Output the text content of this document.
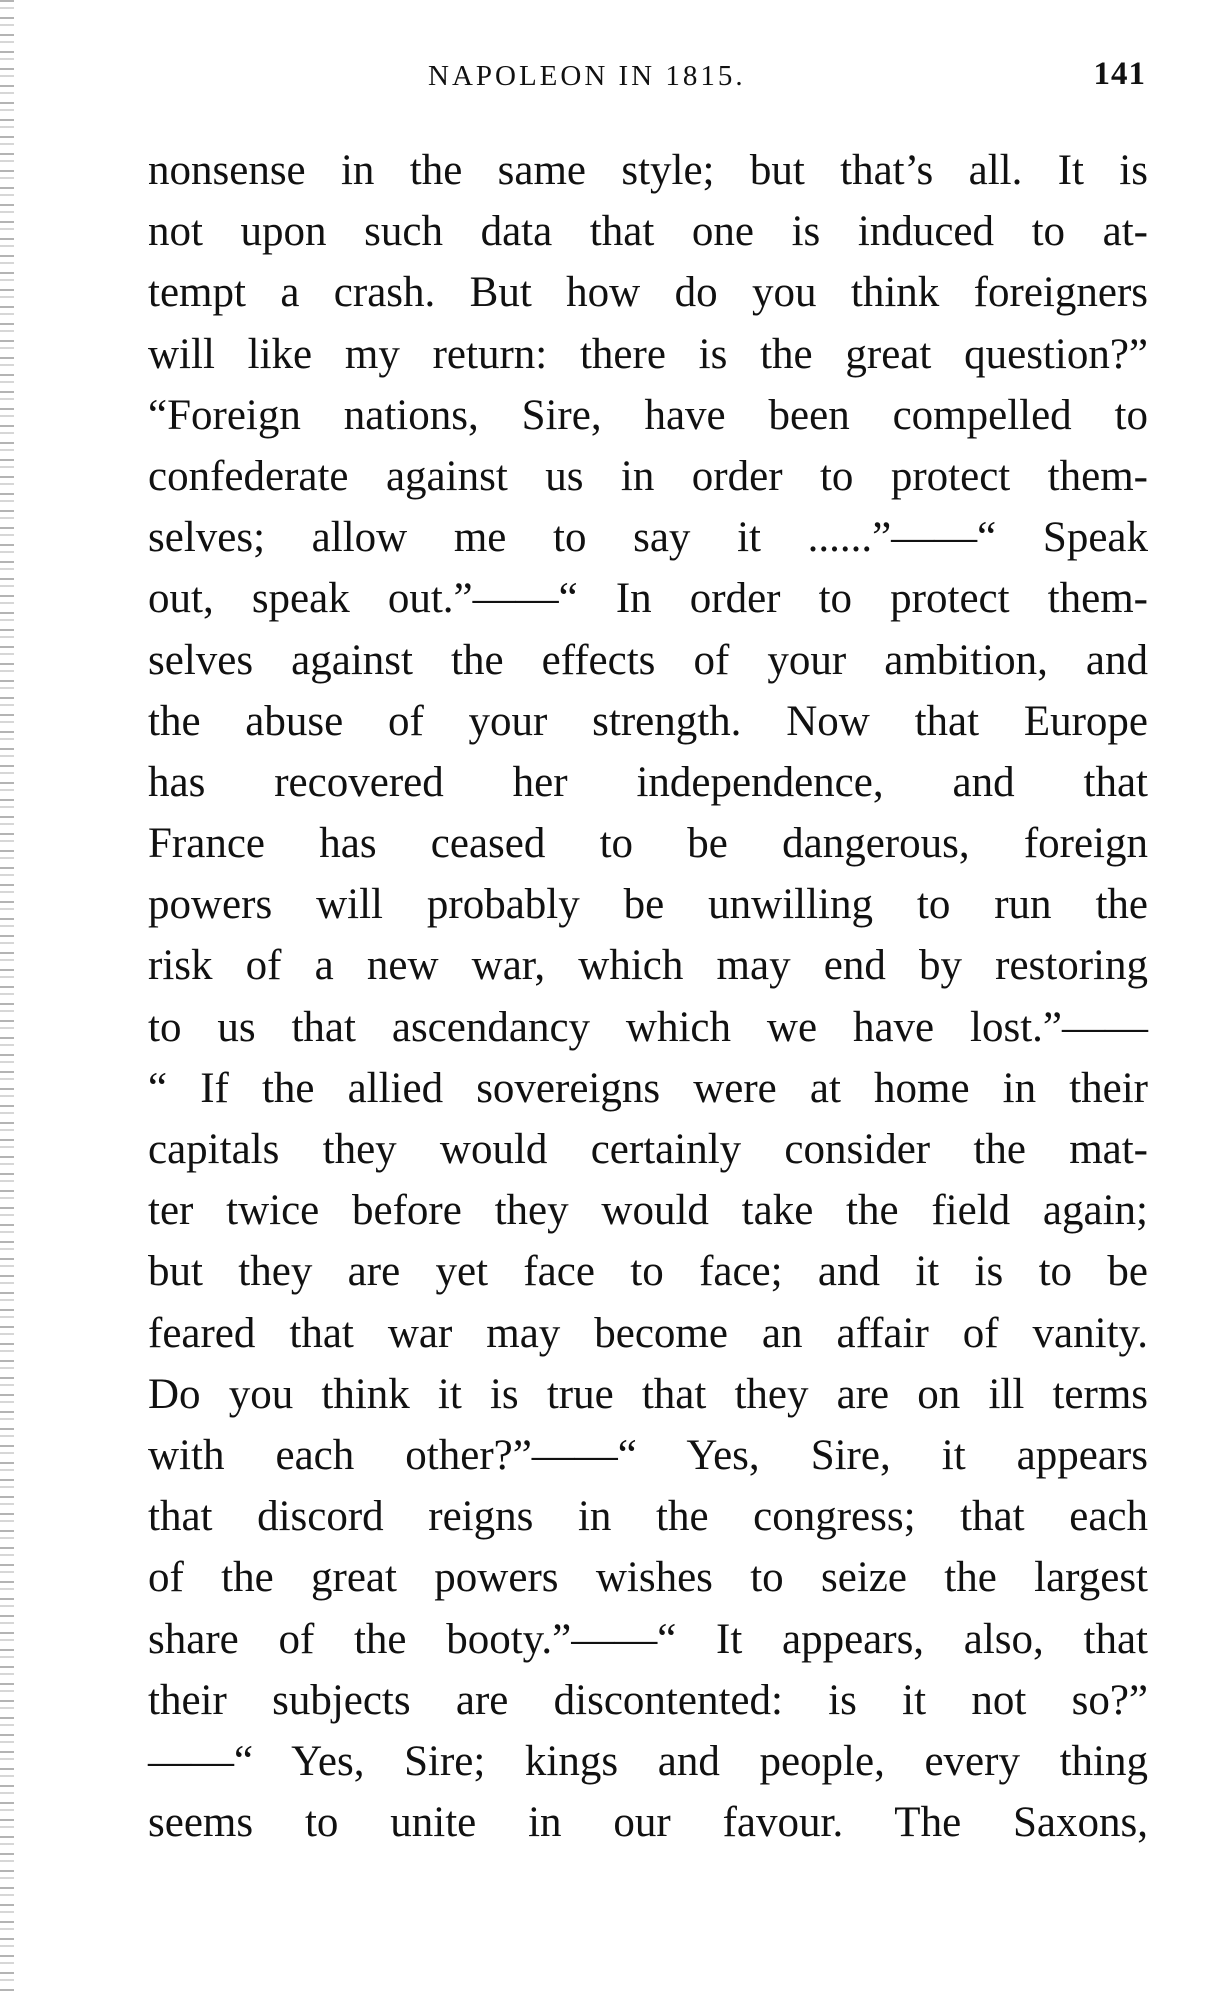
NAPOLEON IN 1815.	141
nonsense in the same style; but that’s all. It is
not upon such data that one is induced to at-
tempt a crash. But how do you think foreigners
will like my return: there is the great question?”
“Foreign nations, Sire, have been compelled to
confederate against us in order to protect them-
selves; allow me to say it ......”——“ Speak
out, speak out.”——“ In order to protect them-
selves against the effects of your ambition, and
the abuse of your strength. Now that Europe
has recovered her independence, and that
France has ceased to be dangerous, foreign
powers will probably be unwilling to run the
risk of a new war, which may end by restoring
to us that ascendancy which we have lost.”——
“ If the allied sovereigns were at home in their
capitals they would certainly consider the mat-
ter twice before they would take the field again;
but they are yet face to face; and it is to be
feared that war may become an affair of vanity.
Do you think it is true that they are on ill terms
with each other?”——“ Yes, Sire, it appears
that discord reigns in the congress; that each
of the great powers wishes to seize the largest
share of the booty.”——“ It appears, also, that
their subjects are discontented: is it not so?”
——“ Yes, Sire; kings and people, every thing
seems to unite in our favour. The Saxons,
